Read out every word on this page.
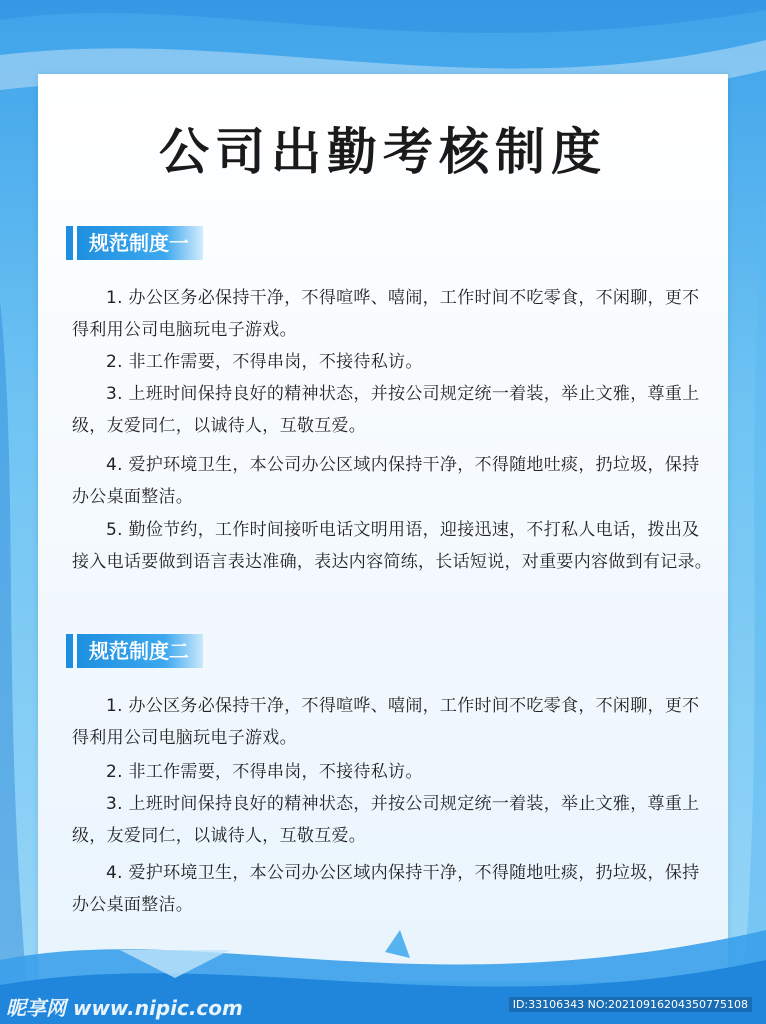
公司出勤考核制度
规范制度一
1. 办公区务必保持干净，不得喧哗、嘻闹，工作时间不吃零食，不闲聊，更不得利用公司电脑玩电子游戏。
2. 非工作需要，不得串岗，不接待私访。
3. 上班时间保持良好的精神状态，并按公司规定统一着装，举止文雅，尊重上级，友爱同仁，以诚待人，互敬互爱。
4. 爱护环境卫生，本公司办公区域内保持干净，不得随地吐痰，扔垃圾，保持办公桌面整洁。
5. 勤俭节约，工作时间接听电话文明用语，迎接迅速，不打私人电话，拨出及接入电话要做到语言表达准确，表达内容简练，长话短说，对重要内容做到有记录。
规范制度二
1. 办公区务必保持干净，不得喧哗、嘻闹，工作时间不吃零食，不闲聊，更不得利用公司电脑玩电子游戏。
2. 非工作需要，不得串岗，不接待私访。
3. 上班时间保持良好的精神状态，并按公司规定统一着装，举止文雅，尊重上级，友爱同仁，以诚待人，互敬互爱。
4. 爱护环境卫生，本公司办公区域内保持干净，不得随地吐痰，扔垃圾，保持办公桌面整洁。
昵享网 www.nipic.com	ID:33106343 NO:20210916204350775108
